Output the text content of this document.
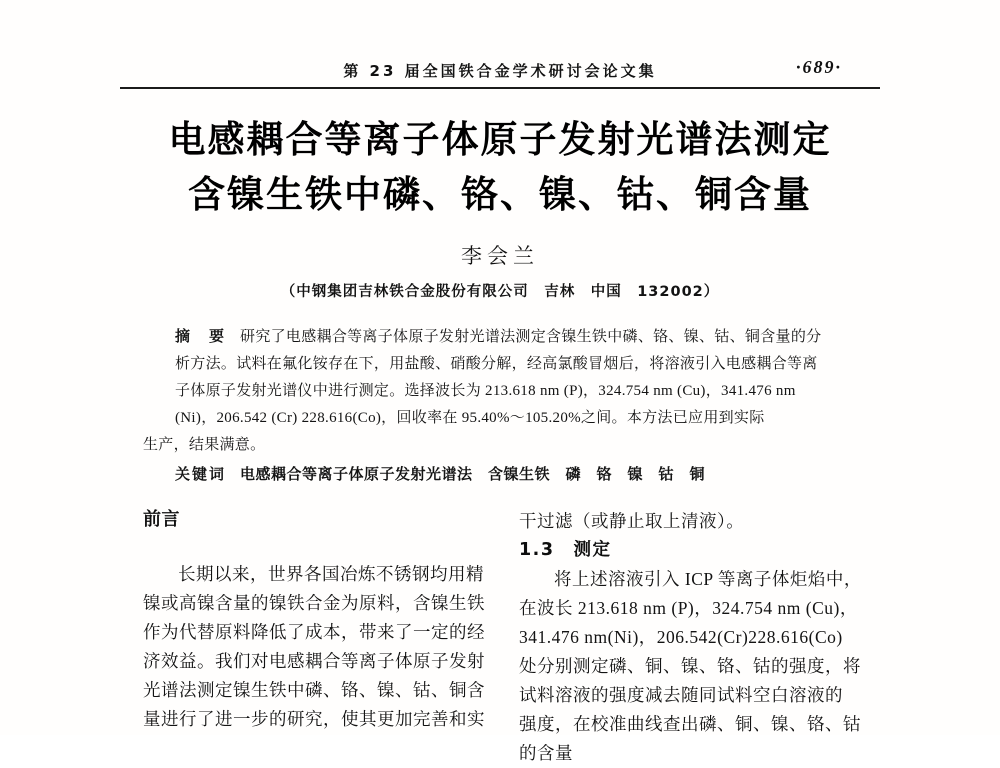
第 23 届全国铁合金学术研讨会论文集	·689·
电感耦合等离子体原子发射光谱法测定
含镍生铁中磷、铬、镍、钴、铜含量
李会兰
（中钢集团吉林铁合金股份有限公司　吉林　中国　132002）
摘　要 研究了电感耦合等离子体原子发射光谱法测定含镍生铁中磷、铬、镍、钴、铜含量的分
析方法。试料在氟化铵存在下，用盐酸、硝酸分解，经高氯酸冒烟后，将溶液引入电感耦合等离
子体原子发射光谱仪中进行测定。选择波长为 213.618 nm (P)，324.754 nm (Cu)，341.476 nm
(Ni)，206.542 (Cr) 228.616(Co)，回收率在 95.40%～105.20%之间。本方法已应用到实际
生产，结果满意。
关键词 电感耦合等离子体原子发射光谱法　含镍生铁　磷　铬　镍　钴　铜
前言
长期以来，世界各国冶炼不锈钢均用精
镍或高镍含量的镍铁合金为原料，含镍生铁
作为代替原料降低了成本，带来了一定的经
济效益。我们对电感耦合等离子体原子发射
光谱法测定镍生铁中磷、铬、镍、钴、铜含
量进行了进一步的研究，使其更加完善和实
干过滤（或静止取上清液）。
1.3　测定
将上述溶液引入 ICP 等离子体炬焰中，
在波长 213.618 nm (P)，324.754 nm (Cu)，
341.476 nm(Ni)，206.542(Cr)228.616(Co)
处分别测定磷、铜、镍、铬、钴的强度，将
试料溶液的强度减去随同试料空白溶液的
强度，在校准曲线查出磷、铜、镍、铬、钴
的含量
